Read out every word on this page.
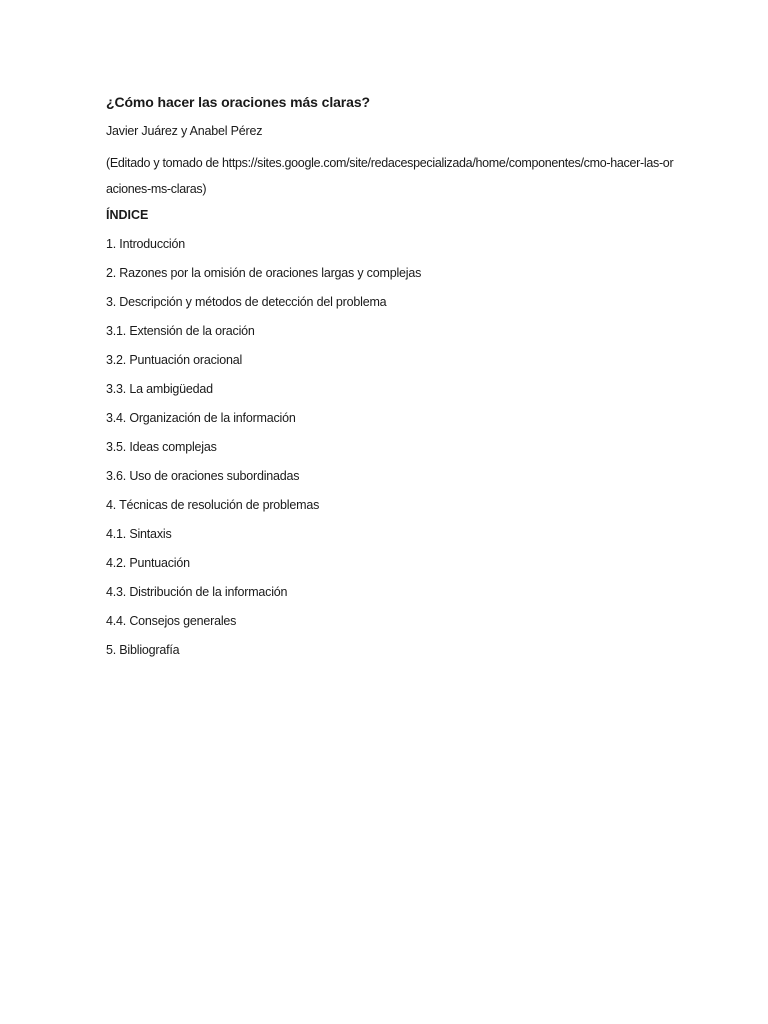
¿Cómo hacer las oraciones más claras?
Javier Juárez y Anabel Pérez
(Editado y tomado de https://sites.google.com/site/redacespecializada/home/componentes/cmo-hacer-las-oraciones-ms-claras)
ÍNDICE
1. Introducción
2. Razones por la omisión de oraciones largas y complejas
3. Descripción y métodos de detección del problema
3.1. Extensión de la oración
3.2. Puntuación oracional
3.3. La ambigüedad
3.4. Organización de la información
3.5. Ideas complejas
3.6. Uso de oraciones subordinadas
4. Técnicas de resolución de problemas
4.1. Sintaxis
4.2. Puntuación
4.3. Distribución de la información
4.4. Consejos generales
5. Bibliografía
